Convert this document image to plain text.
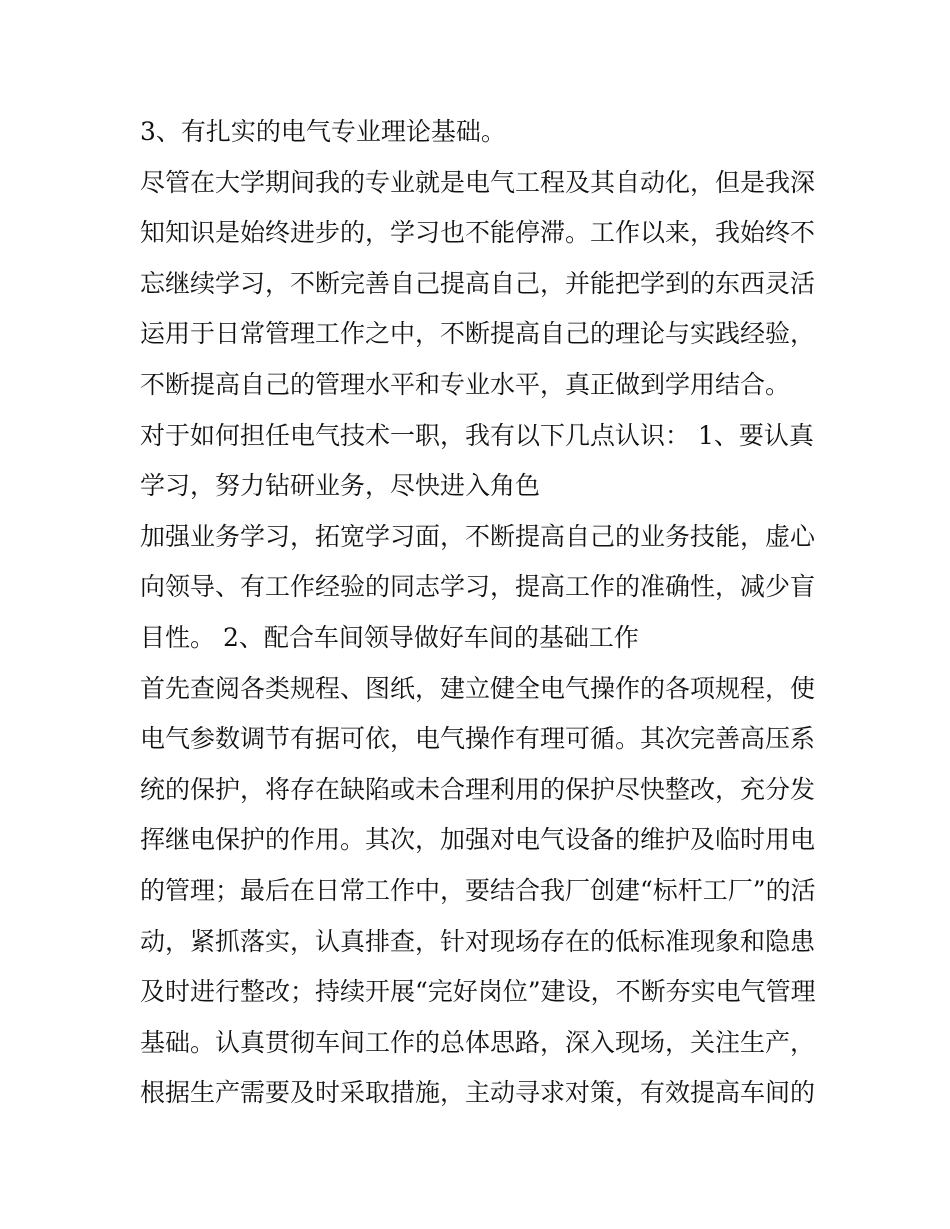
3、有扎实的电气专业理论基础。
尽管在大学期间我的专业就是电气工程及其自动化，但是我深
知知识是始终进步的，学习也不能停滞。工作以来，我始终不
忘继续学习，不断完善自己提高自己，并能把学到的东西灵活
运用于日常管理工作之中，不断提高自己的理论与实践经验，
不断提高自己的管理水平和专业水平，真正做到学用结合。
对于如何担任电气技术一职，我有以下几点认识： 1、要认真
学习，努力钻研业务，尽快进入角色
加强业务学习，拓宽学习面，不断提高自己的业务技能，虚心
向领导、有工作经验的同志学习，提高工作的准确性，减少盲
目性。 2、配合车间领导做好车间的基础工作
首先查阅各类规程、图纸，建立健全电气操作的各项规程，使
电气参数调节有据可依，电气操作有理可循。其次完善高压系
统的保护，将存在缺陷或未合理利用的保护尽快整改，充分发
挥继电保护的作用。其次，加强对电气设备的维护及临时用电
的管理；最后在日常工作中，要结合我厂创建“标杆工厂”的活
动，紧抓落实，认真排查，针对现场存在的低标准现象和隐患
及时进行整改；持续开展“完好岗位”建设，不断夯实电气管理
基础。认真贯彻车间工作的总体思路，深入现场，关注生产，
根据生产需要及时采取措施，主动寻求对策，有效提高车间的
